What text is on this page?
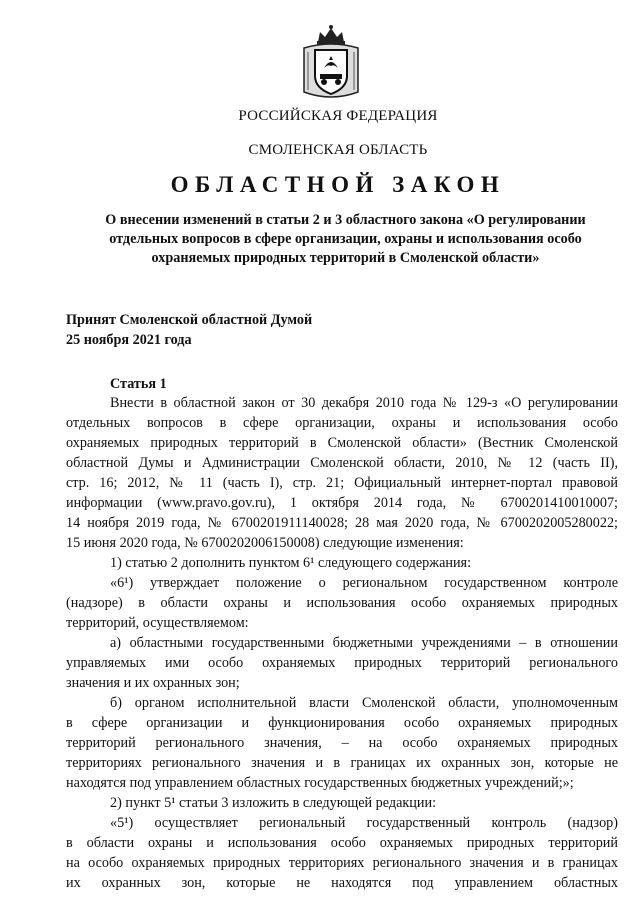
РОССИЙСКАЯ ФЕДЕРАЦИЯ
СМОЛЕНСКАЯ ОБЛАСТЬ
ОБЛАСТНОЙ ЗАКОН
О внесении изменений в статьи 2 и 3 областного закона «О регулировании
отдельных вопросов в сфере организации, охраны и использования особо
охраняемых природных территорий в Смоленской области»
Принят Смоленской областной Думой
25 ноября 2021 года
Статья 1
Внести в областной закон от 30 декабря 2010 года № 129-з «О регулировании
отдельных вопросов в сфере организации, охраны и использования особо
охраняемых природных территорий в Смоленской области» (Вестник Смоленской
областной Думы и Администрации Смоленской области, 2010, № 12 (часть II),
стр. 16; 2012, № 11 (часть I), стр. 21; Официальный интернет-портал правовой
информации (www.pravo.gov.ru), 1 октября 2014 года, № 6700201410010007;
14 ноября 2019 года, № 6700201911140028; 28 мая 2020 года, № 6700202005280022;
15 июня 2020 года, № 6700202006150008) следующие изменения:
1) статью 2 дополнить пунктом 6¹ следующего содержания:
«6¹) утверждает положение о региональном государственном контроле
(надзоре) в области охраны и использования особо охраняемых природных
территорий, осуществляемом:
а) областными государственными бюджетными учреждениями – в отношении
управляемых ими особо охраняемых природных территорий регионального
значения и их охранных зон;
б) органом исполнительной власти Смоленской области, уполномоченным
в сфере организации и функционирования особо охраняемых природных
территорий регионального значения, – на особо охраняемых природных
территориях регионального значения и в границах их охранных зон, которые не
находятся под управлением областных государственных бюджетных учреждений;»;
2) пункт 5¹ статьи 3 изложить в следующей редакции:
«5¹) осуществляет региональный государственный контроль (надзор)
в области охраны и использования особо охраняемых природных территорий
на особо охраняемых природных территориях регионального значения и в границах
их охранных зон, которые не находятся под управлением областных
